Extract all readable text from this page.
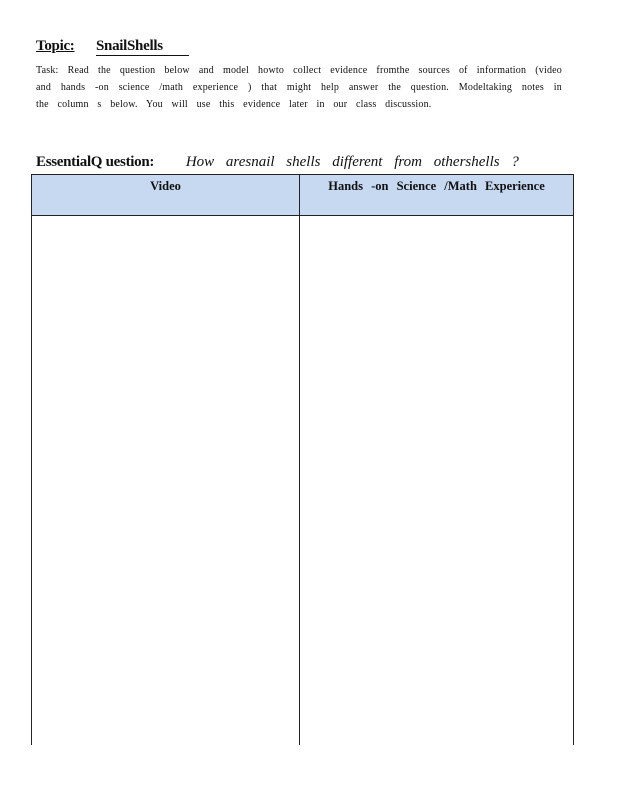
Topic: SnailShells
Task: Read the question below and model howto collect evidence fromthe sources of information (video and hands -on science /math experience ) that might help answer the question. Modeltaking notes in the column s below. You will use this evidence later in our class discussion.
EssentialQ uestion: How aresnail shells different from othershells ?
Video	Hands -on Science /Math Experience
